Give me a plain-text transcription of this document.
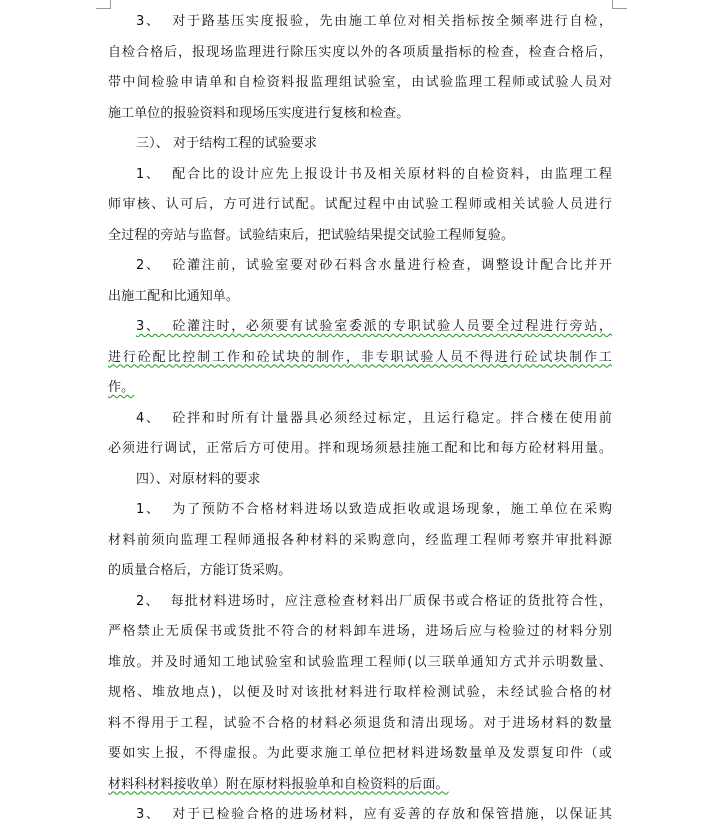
3、  对于路基压实度报验，先由施工单位对相关指标按全频率进行自检，
自检合格后，报现场监理进行除压实度以外的各项质量指标的检查，检查合格后，
带中间检验申请单和自检资料报监理组试验室，由试验监理工程师或试验人员对
施工单位的报验资料和现场压实度进行复核和检查。
三）、 对于结构工程的试验要求
1、  配合比的设计应先上报设计书及相关原材料的自检资料，由监理工程
师审核、认可后，方可进行试配。试配过程中由试验工程师或相关试验人员进行
全过程的旁站与监督。试验结束后，把试验结果提交试验工程师复验。
2、  砼灌注前，试验室要对砂石料含水量进行检查，调整设计配合比并开
出施工配和比通知单。
3、  砼灌注时，必须要有试验室委派的专职试验人员要全过程进行旁站，
进行砼配比控制工作和砼试块的制作，非专职试验人员不得进行砼试块制作工
作。
4、  砼拌和时所有计量器具必须经过标定，且运行稳定。拌合楼在使用前
必须进行调试，正常后方可使用。拌和现场须悬挂施工配和比和每方砼材料用量。
四）、对原材料的要求
1、  为了预防不合格材料进场以致造成拒收或退场现象，施工单位在采购
材料前须向监理工程师通报各种材料的采购意向，经监理工程师考察并审批料源
的质量合格后，方能订货采购。
2、  每批材料进场时，应注意检查材料出厂质保书或合格证的货批符合性，
严格禁止无质保书或货批不符合的材料卸车进场，进场后应与检验过的材料分别
堆放。并及时通知工地试验室和试验监理工程师(以三联单通知方式并示明数量、
规格、堆放地点)，以便及时对该批材料进行取样检测试验，未经试验合格的材
料不得用于工程，试验不合格的材料必须退货和清出现场。对于进场材料的数量
要如实上报，不得虚报。为此要求施工单位把材料进场数量单及发票复印件（或
材料科材料接收单）附在原材料报验单和自检资料的后面。
3、  对于已检验合格的进场材料，应有妥善的存放和保管措施，以保证其
